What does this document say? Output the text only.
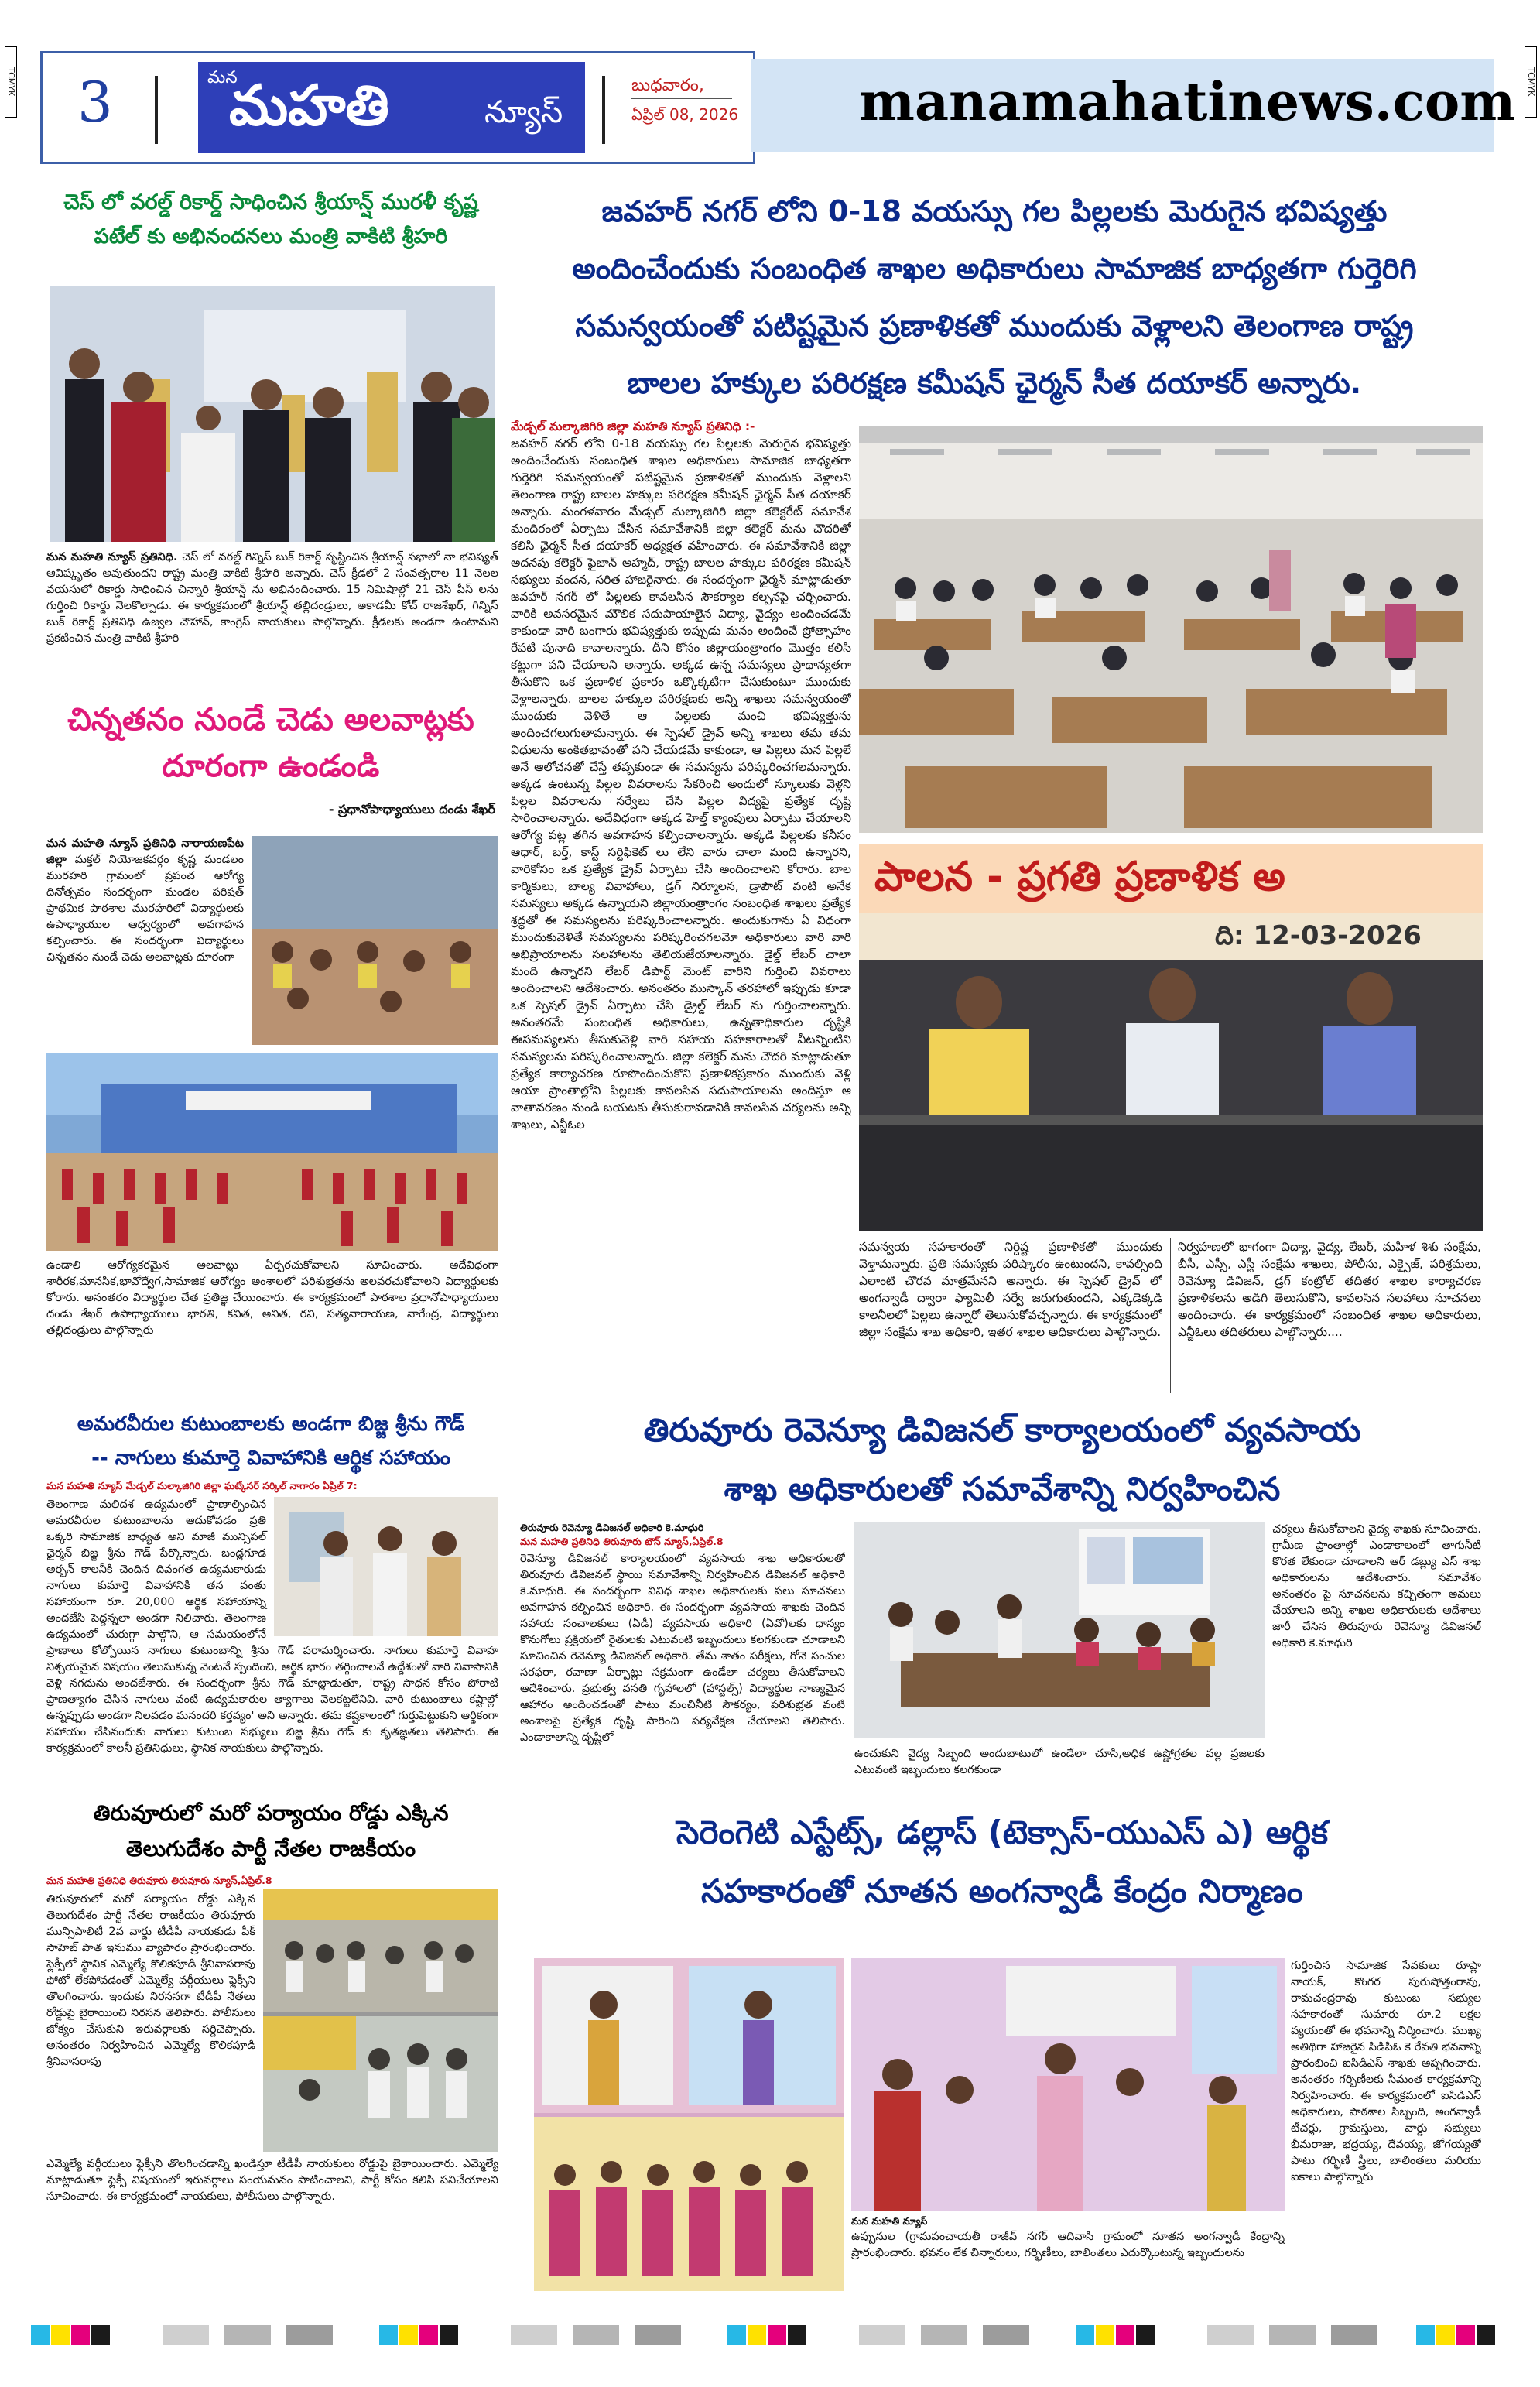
TCMYK	TCMYK
3	మన
మహతి	న్యూస్
బుధవారం,
ఏప్రిల్ 08, 2026 manamahatinews.com
జవహర్ నగర్ లోని 0-18 వయస్సు గల పిల్లలకు మెరుగైన భవిష్యత్తు
అందించేందుకు సంబంధిత శాఖల అధికారులు సామాజిక బాధ్యతగా గుర్తెరిగి
సమన్వయంతో పటిష్టమైన ప్రణాళికతో ముందుకు వెళ్లాలని తెలంగాణ రాష్ట్ర
బాలల హక్కుల పరిరక్షణ కమీషన్ ఛైర్మన్ సీత దయాకర్ అన్నారు.
మేడ్చల్ మల్కాజిగిరి జిల్లా మహతి న్యూస్ ప్రతినిధి :-
జవహర్ నగర్ లోని 0-18 వయస్సు గల పిల్లలకు మెరుగైన భవిష్యత్తు అందించేందుకు సంబంధిత శాఖల అధికారులు సామాజిక బాధ్యతగా గుర్తెరిగి సమన్వయంతో పటిష్టమైన ప్రణాళికతో ముందుకు వెళ్లాలని తెలంగాణ రాష్ట్ర బాలల హక్కుల పరిరక్షణ కమీషన్ ఛైర్మన్ సీత దయాకర్ అన్నారు. మంగళవారం మేడ్చల్ మల్కాజిగిరి జిల్లా కలెక్టరేట్ సమావేశ మందిరంలో ఏర్పాటు చేసిన సమావేశానికి జిల్లా కలెక్టర్ మను చౌదరితో కలిసి ఛైర్మన్ సీత దయాకర్ అధ్యక్షత వహించారు. ఈ సమావేశానికి జిల్లా అదనపు కలెక్టర్ ఫైజాన్ అహ్మద్, రాష్ట్ర బాలల హక్కుల పరిరక్షణ కమీషన్ సభ్యులు వందన, సరిత హాజరైనారు. ఈ సందర్భంగా ఛైర్మన్ మాట్లాడుతూ జవహర్ నగర్ లో పిల్లలకు కావలసిన సౌకర్యాల కల్పనపై చర్చించారు. వారికి అవసరమైన మౌలిక సదుపాయాలైన విద్యా, వైద్యం అందించడమే కాకుండా వారి బంగారు భవిష్యత్తుకు ఇప్పుడు మనం అందించే ప్రోత్సాహం రేపటి పునాది కావాలన్నారు. దీని కోసం జిల్లాయంత్రాంగం మొత్తం కలిసి కట్టుగా పని చేయాలని అన్నారు. అక్కడ ఉన్న సమస్యలు ప్రాథాన్యతగా తీసుకొని ఒక ప్రణాళిక ప్రకారం ఒక్కొక్కటిగా చేసుకుంటూ ముందుకు వెళ్లాలన్నారు. బాలల హక్కుల పరిరక్షణకు అన్ని శాఖలు సమన్వయంతో ముందుకు వెళితే ఆ పిల్లలకు మంచి భవిష్యత్తును అందించగలుగుతామన్నారు. ఈ స్పెషల్ డ్రైవ్ అన్ని శాఖలు తమ తమ విధులను అంకితభావంతో పని చేయడమే కాకుండా, ఆ పిల్లలు మన పిల్లలే అనే ఆలోచనతో చేస్తే తప్పకుండా ఈ సమస్యను పరిష్కరించగలమన్నారు. అక్కడ ఉంటున్న పిల్లల వివరాలను సేకరించి అందులో స్కూలుకు వెళ్లని పిల్లల వివరాలను సర్వేలు చేసి పిల్లల విద్యపై ప్రత్యేక దృష్టి సారించాలన్నారు. అదేవిధంగా అక్కడ హెల్త్ క్యాంపులు ఏర్పాటు చేయాలని ఆరోగ్య పట్ల తగిన అవగాహన కల్పించాలన్నారు. అక్కడి పిల్లలకు కనీసం ఆధార్, బర్త్, కాస్ట్ సర్టిఫికెట్ లు లేని వారు చాలా మంది ఉన్నారని, వారికోసం ఒక ప్రత్యేక డ్రైవ్ ఏర్పాటు చేసి అందించాలని కోరారు. బాల కార్మికులు, బాల్య వివాహాలు, డ్రగ్ నిర్మూలన, డ్రాపౌట్ వంటి అనేక సమస్యలు అక్కడ ఉన్నాయని జిల్లాయంత్రాంగం సంబంధిత శాఖలు ప్రత్యేక శ్రద్ధతో ఈ సమస్యలను పరిష్కరించాలన్నారు. అందుకుగాను ఏ విధంగా ముందుకువెళితే సమస్యలను పరిష్కరించగలమో అధికారులు వారి వారి అభిప్రాయాలను సలహాలను తెలియజేయాలన్నారు. డైల్డ్ లేబర్ చాలా మంది ఉన్నారని లేబర్ డిపార్ట్ మెంట్ వారిని గుర్తించి వివరాలు అందించాలని ఆదేశించారు. అనంతరం ముస్కాన్ తరహాలో ఇప్పుడు కూడా ఒక స్పెషల్ డ్రైవ్ ఏర్పాటు చేసి డ్రైల్డ్ లేబర్ ను గుర్తించాలన్నారు. అనంతరమే సంబంధిత అధికారులు, ఉన్నతాధికారుల దృష్టికి ఈసమస్యలను తీసుకువెళ్లి వారి సహాయ సహకారాలతో వీటన్నింటిని సమస్యలను పరిష్కరించాలన్నారు. జిల్లా కలెక్టర్ మను చౌదరి మాట్లాడుతూ ప్రత్యేక కార్యాచరణ రూపొందించుకొని ప్రణాళికప్రకారం ముందుకు వెళ్లి ఆయా ప్రాంతాల్లోని పిల్లలకు కావలసిన సదుపాయాలను అందిస్తూ ఆ వాతావరణం నుండి బయటకు తీసుకురావడానికి కావలసిన చర్యలను అన్ని శాఖలు, ఎన్జీఓల
పాలన - ప్రగతి ప్రణాళిక అ
ది: 12-03-2026
సమన్వయ సహకారంతో నిర్దిష్ట ప్రణాళికతో ముందుకు వెళ్తామన్నారు. ప్రతి సమస్యకు పరిష్కారం ఉంటుందని, కావల్సింది ఎలాంటి చొరవ మాత్రమేనని అన్నారు. ఈ స్పెషల్ డ్రైవ్ లో అంగన్వాడీ ద్వారా ఫ్యామిలీ సర్వే జరుగుతుందని, ఎక్కడెక్కడి కాలనీలలో పిల్లలు ఉన్నారో తెలుసుకోవచ్చన్నారు. ఈ కార్యక్రమంలో జిల్లా సంక్షేమ శాఖ అధికారి, ఇతర శాఖల అధికారులు పాల్గొన్నారు.
నిర్వహణలో భాగంగా విద్యా, వైద్య, లేబర్, మహిళ శిశు సంక్షేమ, బీసీ, ఎస్సీ, ఎస్టీ సంక్షేమ శాఖలు, పోలీసు, ఎక్సైజ్, పరిశ్రమలు, రెవెన్యూ డివిజన్, డ్రగ్ కంట్రోల్ తదితర శాఖల కార్యాచరణ ప్రణాళికలను అడిగి తెలుసుకొని, కావలసిన సలహాలు సూచనలు అందించారు. ఈ కార్యక్రమంలో సంబంధిత శాఖల అధికారులు, ఎన్జీఓలు తదితరులు పాల్గొన్నారు....
చెస్ లో వరల్డ్ రికార్డ్ సాధించిన శ్రీయాన్ష్ మురళీ కృష్ణ
పటేల్ కు అభినందనలు మంత్రి వాకిటి శ్రీహరి
మన మహతి న్యూస్ ప్రతినిధి. చెస్ లో వరల్డ్ గిన్నిస్ బుక్ రికార్డ్ సృష్టించిన శ్రీయాన్ష్ సభాలో నా భవిష్యత్ ఆవిష్కృతం అవుతుందని రాష్ట్ర మంత్రి వాకిటి శ్రీహరి అన్నారు. చెస్ క్రీడలో 2 సంవత్సరాల 11 నెలల వయసులో రికార్డు సాధించిన చిన్నారి శ్రీయాన్ష్ ను అభినందించారు. 15 నిమిషాల్లో 21 చెస్ పీస్ లను గుర్తించి రికార్డు నెలకొల్పాడు. ఈ కార్యక్రమంలో శ్రీయాన్ష్ తల్లిదండ్రులు, అకాడమీ కోచ్ రాజశేఖర్, గిన్నిస్ బుక్ రికార్డ్ ప్రతినిధి ఉజ్వల చౌహాన్, కాంగ్రెస్ నాయకులు పాల్గొన్నారు. క్రీడలకు అండగా ఉంటామని ప్రకటించిన మంత్రి వాకిటి శ్రీహరి
చిన్నతనం నుండే చెడు అలవాట్లకు
దూరంగా ఉండండి
- ప్రధానోపాధ్యాయులు దండు శేఖర్
మన మహతి న్యూస్ ప్రతినిధి నారాయణపేట జిల్లా మక్తల్ నియోజకవర్గం కృష్ణ మండలం మురహరి గ్రామంలో ప్రపంచ ఆరోగ్య దినోత్సవం సందర్భంగా మండల పరిషత్ ప్రాథమిక పాఠశాల మురహరిలో విద్యార్థులకు ఉపాధ్యాయుల ఆధ్వర్యంలో అవగాహన కల్పించారు. ఈ సందర్భంగా విద్యార్థులు చిన్నతనం నుండే చెడు అలవాట్లకు దూరంగా
ఉండాలి ఆరోగ్యకరమైన అలవాట్లు ఏర్పరచుకోవాలని సూచించారు. అదేవిధంగా శారీరక,మానసిక,భావోద్వేగ,సామాజిక ఆరోగ్యం అంశాలలో పరిశుభ్రతను అలవరచుకోవాలని విద్యార్థులకు కోరారు. అనంతరం విద్యార్థుల చేత ప్రతిజ్ఞ చేయించారు. ఈ కార్యక్రమంలో పాఠశాల ప్రధానోపాధ్యాయులు దండు శేఖర్ ఉపాధ్యాయులు భారతి, కవిత, అనిత, రవి, సత్యనారాయణ, నాగేంద్ర, విద్యార్థులు తల్లిదండ్రులు పాల్గొన్నారు
అమరవీరుల కుటుంబాలకు అండగా బిజ్జ శ్రీను గౌడ్
-- నాగులు కుమార్తె వివాహానికి ఆర్థిక సహాయం
మన మహతి న్యూస్ మేడ్చల్ మల్కాజిగిరి జిల్లా ఘట్కేసర్ సర్కిల్ నాగారం ఏప్రిల్ 7:
తెలంగాణ మలిదశ ఉద్యమంలో ప్రాణాల్పించిన అమరవీరుల కుటుంబాలను ఆదుకోవడం ప్రతి ఒక్కరి సామాజిక బాధ్యత అని మాజీ మున్సిపల్ ఛైర్మన్ బిజ్జ శ్రీను గౌడ్ పేర్కొన్నారు. బండ్లగూడ అర్బన్ కాలనీకి చెందిన దివంగత ఉద్యమకారుడు నాగులు కుమార్తె వివాహానికి తన వంతు సహాయంగా రూ. 20,000 ఆర్థిక సహాయాన్ని అందజేసి పెద్దన్నలా అండగా నిలిచారు. తెలంగాణ ఉద్యమంలో చురుగ్గా పాల్గొని, ఆ సమయంలోనే ప్రాణాలు కోల్పోయిన నాగులు కుటుంబాన్ని శ్రీను గౌడ్ పరామర్శించారు. నాగులు కుమార్తె వివాహ నిశ్చయమైన విషయం తెలుసుకున్న వెంటనే స్పందించి, ఆర్థిక భారం తగ్గించాలనే ఉద్దేశంతో వారి నివాసానికి వెళ్లి నగదును అందజేశారు. ఈ సందర్భంగా శ్రీను గౌడ్ మాట్లాడుతూ, 'రాష్ట్ర సాధన కోసం పోరాటి ప్రాణత్యాగం చేసిన నాగులు వంటి ఉద్యమకారుల త్యాగాలు వెలకట్టలేనివి. వారి కుటుంబాలు కష్టాల్లో ఉన్నప్పుడు అండగా నిలవడం మనందరి కర్తవ్యం' అని అన్నారు. తమ కష్టకాలంలో గుర్తుపెట్టుకుని ఆర్థికంగా సహాయం చేసినందుకు నాగులు కుటుంబ సభ్యులు బిజ్జ శ్రీను గౌడ్ కు కృతజ్ఞతలు తెలిపారు. ఈ కార్యక్రమంలో కాలనీ ప్రతినిధులు, స్థానిక నాయకులు పాల్గొన్నారు.
తిరువూరులో మరో పర్యాయం రోడ్డు ఎక్కిన
తెలుగుదేశం పార్టీ నేతల రాజకీయం
మన మహతి ప్రతినిధి తిరువూరు తిరువూరు న్యూస్,ఏప్రిల్.8
తిరువూరులో మరో పర్యాయం రోడ్డు ఎక్కిన తెలుగుదేశం పార్టీ నేతల రాజకీయం తిరువూరు మున్సిపాలిటీ 2వ వార్డు టీడీపీ నాయకుడు పీక్ సాహెబ్ పాత ఇనుము వ్యాపారం ప్రారంభించారు. ఫ్లెక్సీలో స్థానిక ఎమ్మెల్యే కొలికపూడి శ్రీనివాసరావు ఫోటో లేకపోవడంతో ఎమ్మెల్యే వర్గీయులు ఫ్లెక్సీని తొలగించారు. ఇందుకు నిరసనగా టీడీపీ నేతలు రోడ్డుపై బైఠాయించి నిరసన తెలిపారు. పోలీసులు జోక్యం చేసుకుని ఇరువర్గాలకు సర్దిచెప్పారు. అనంతరం నిర్వహించిన ఎమ్మెల్యే కొలికపూడి శ్రీనివాసరావు
ఎమ్మెల్యే వర్గీయులు ఫ్లెక్సీని తొలగించడాన్ని ఖండిస్తూ టీడీపీ నాయకులు రోడ్డుపై బైఠాయించారు. ఎమ్మెల్యే మాట్లాడుతూ ఫ్లెక్సీ విషయంలో ఇరువర్గాలు సంయమనం పాటించాలని, పార్టీ కోసం కలిసి పనిచేయాలని సూచించారు. ఈ కార్యక్రమంలో నాయకులు, పోలీసులు పాల్గొన్నారు.
తిరువూరు రెవెన్యూ డివిజనల్ కార్యాలయంలో వ్యవసాయ
శాఖ అధికారులతో సమావేశాన్ని నిర్వహించిన
తిరువూరు రెవెన్యూ డివిజనల్ అధికారి కె.మాధురి
మన మహతి ప్రతినిధి తిరువూరు టౌన్ న్యూస్,ఏప్రిల్.8
రెవెన్యూ డివిజనల్ కార్యాలయంలో వ్యవసాయ శాఖ అధికారులతో తిరువూరు డివిజనల్ స్థాయి సమావేశాన్ని నిర్వహించిన డివిజనల్ అధికారి కె.మాధురి. ఈ సందర్భంగా వివిధ శాఖల అధికారులకు పలు సూచనలు అవగాహన కల్పించిన అధికారి. ఈ సందర్భంగా వ్యవసాయ శాఖకు చెందిన సహాయ సంచాలకులు (ఏడీ) వ్యవసాయ అధికారి (ఏవో)లకు ధాన్యం కొనుగోలు ప్రక్రియలో రైతులకు ఎటువంటి ఇబ్బందులు కలగకుండా చూడాలని సూచించిన రెవెన్యూ డివిజనల్ అధికారి. తేమ శాతం పరీక్షలు, గోనె సంచుల సరఫరా, రవాణా ఏర్పాట్లు సక్రమంగా ఉండేలా చర్యలు తీసుకోవాలని ఆదేశించారు. ప్రభుత్వ వసతి గృహాలలో (హాస్టల్స్) విద్యార్థుల నాణ్యమైన ఆహారం అందించడంతో పాటు మంచినీటి సౌకర్యం, పరిశుభ్రత వంటి అంశాలపై ప్రత్యేక దృష్టి సారించి పర్యవేక్షణ చేయాలని తెలిపారు. ఎండాకాలాన్ని దృష్టిలో
ఉంచుకుని వైద్య సిబ్బంది అందుబాటులో ఉండేలా చూసి,అధిక ఉష్ణోగ్రతల వల్ల ప్రజలకు ఎటువంటి ఇబ్బందులు కలగకుండా
చర్యలు తీసుకోవాలని వైద్య శాఖకు సూచించారు. గ్రామీణ ప్రాంతాల్లో ఎండాకాలంలో తాగునీటి కొరత లేకుండా చూడాలని ఆర్ డబ్ల్యు ఎస్ శాఖ అధికారులను ఆదేశించారు. సమావేశం అనంతరం పై సూచనలను కచ్చితంగా అమలు చేయాలని అన్ని శాఖల అధికారులకు ఆదేశాలు జారీ చేసిన తిరువూరు రెవెన్యూ డివిజనల్ అధికారి కె.మాధురి
సెరెంగెటి ఎస్టేట్స్, డల్లాస్ (టెక్సాస్-యుఎస్ ఎ) ఆర్థిక
సహకారంతో నూతన అంగన్వాడీ కేంద్రం నిర్మాణం
మన మహతి న్యూస్
ఉప్పునుల (గ్రామపంచాయతీ రాజీవ్ నగర్ ఆదివాసి గ్రామంలో నూతన అంగన్వాడీ కేంద్రాన్ని ప్రారంభించారు. భవనం లేక చిన్నారులు, గర్భిణీలు, బాలింతలు ఎదుర్కొంటున్న ఇబ్బందులను
గుర్తించిన సామాజిక సేవకులు రూప్లా నాయక్, కొంగర పురుషోత్తంరావు, రామచంద్రరావు కుటుంబ సభ్యుల సహకారంతో సుమారు రూ.2 లక్షల వ్యయంతో ఈ భవనాన్ని నిర్మించారు. ముఖ్య అతిథిగా హాజరైన సిడిపిఓ కె రేవతి భవనాన్ని ప్రారంభించి ఐసిడిఎస్ శాఖకు అప్పగించారు. అనంతరం గర్భిణీలకు సీమంత కార్యక్రమాన్ని నిర్వహించారు. ఈ కార్యక్రమంలో ఐసిడిఎస్ అధికారులు, పాఠశాల సిబ్బంది, అంగన్వాడీ టీచర్లు, గ్రామస్తులు, వార్డు సభ్యులు భీమరాజు, భద్రయ్య, దేవయ్య, జోగయ్యతో పాటు గర్భిణీ స్త్రీలు, బాలింతలు మరియు ఐకాలు పాల్గొన్నారు
